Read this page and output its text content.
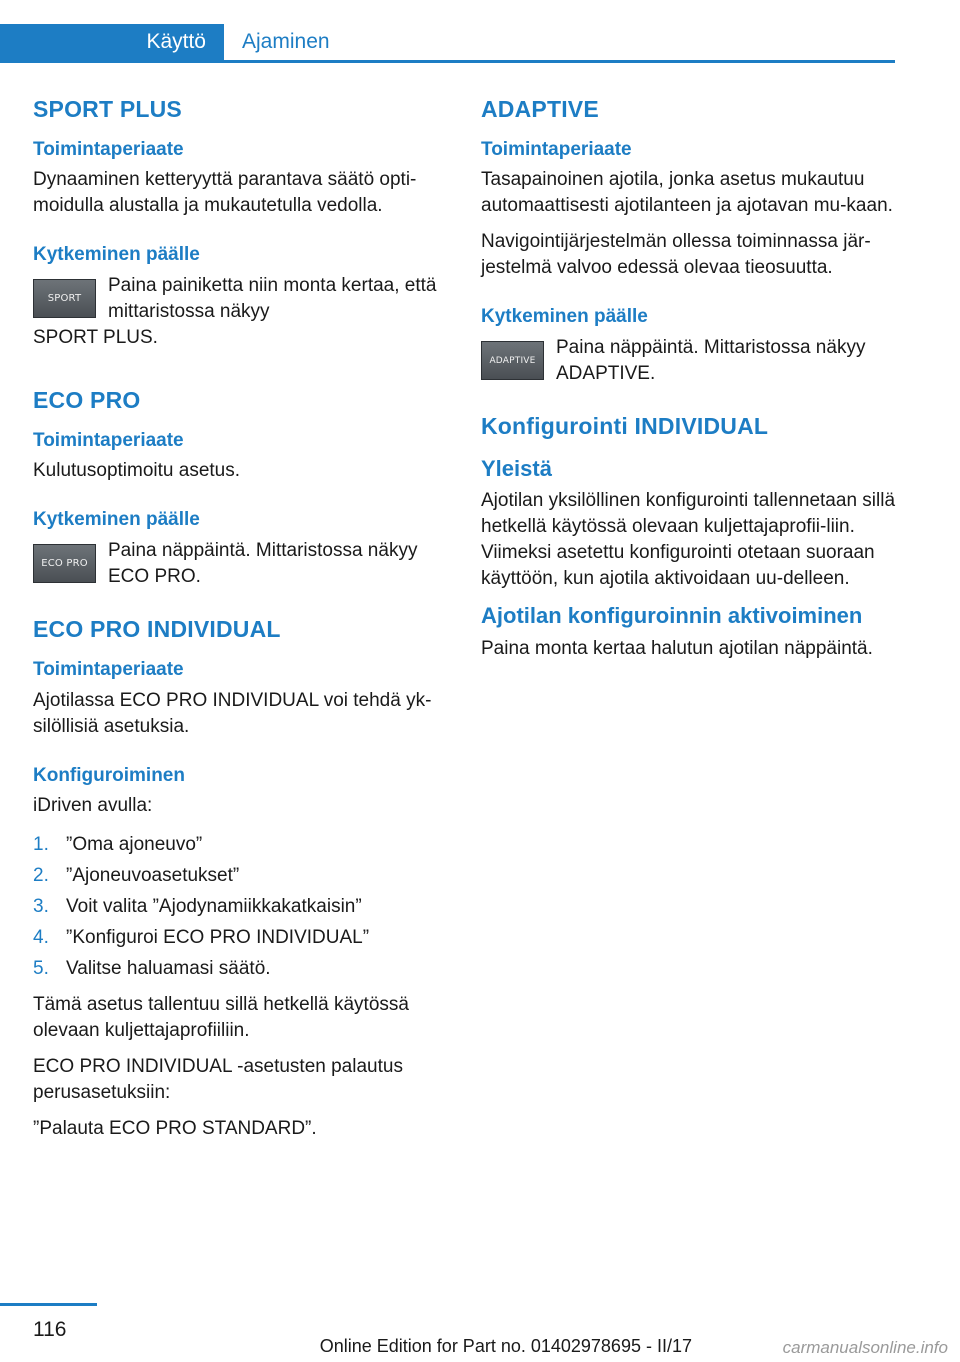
Käyttö	Ajaminen
SPORT PLUS
Toimintaperiaate

Dynaaminen ketteryyttä parantava säätö opti‐moidulla alustalla ja mukautetulla vedolla.

Kytkeminen päälle
SPORT
Paina painiketta niin monta kertaa, että mittaristossa näkyy

SPORT PLUS.

ECO PRO
Toimintaperiaate

Kulutusoptimoitu asetus.

Kytkeminen päälle
ECO PRO
Paina näppäintä. Mittaristossa näkyy ECO PRO.
ECO PRO INDIVIDUAL
Toimintaperiaate

Ajotilassa ECO PRO INDIVIDUAL voi tehdä yk‐silöllisiä asetuksia.

Konfiguroiminen

iDriven avulla:

1. ”Oma ajoneuvo”
2. ”Ajoneuvoasetukset”
3. Voit valita ”Ajodynamiikkakatkaisin”
4. ”Konfiguroi ECO PRO INDIVIDUAL”
5. Valitse haluamasi säätö.

Tämä asetus tallentuu sillä hetkellä käytössä olevaan kuljettajaprofiiliin.

ECO PRO INDIVIDUAL -asetusten palautus perusasetuksiin:

”Palauta ECO PRO STANDARD”.

ADAPTIVE
Toimintaperiaate

Tasapainoinen ajotila, jonka asetus mukautuu automaattisesti ajotilanteen ja ajotavan mu‐kaan.

Navigointijärjestelmän ollessa toiminnassa jär‐jestelmä valvoo edessä olevaa tieosuutta.

Kytkeminen päälle
ADAPTIVE
Paina näppäintä. Mittaristossa näkyy ADAPTIVE.
Konfigurointi INDIVIDUAL
Yleistä

Ajotilan yksilöllinen konfigurointi tallennetaan sillä hetkellä käytössä olevaan kuljettajaprofii‐liin. Viimeksi asetettu konfigurointi otetaan suoraan käyttöön, kun ajotila aktivoidaan uu‐delleen.

Ajotilan konfiguroinnin aktivoiminen

Paina monta kertaa halutun ajotilan näppäintä.

116
Online Edition for Part no. 01402978695 - II/17	carmanualsonline.info
